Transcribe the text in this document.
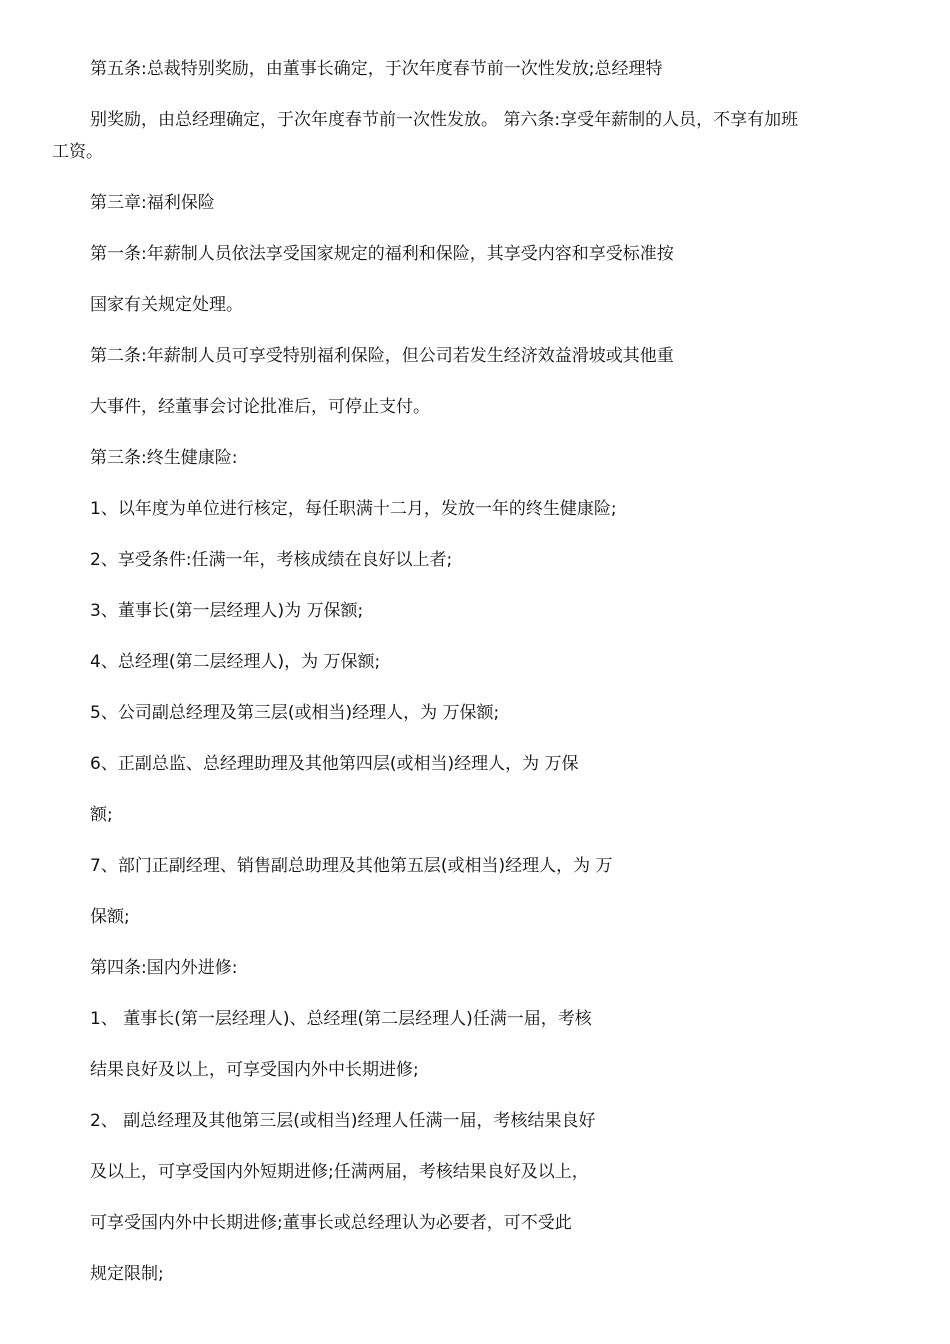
第五条:总裁特别奖励，由董事长确定，于次年度春节前一次性发放;总经理特
别奖励，由总经理确定，于次年度春节前一次性发放。 第六条:享受年薪制的人员，不享有加班
工资。
第三章:福利保险
第一条:年薪制人员依法享受国家规定的福利和保险，其享受内容和享受标准按
国家有关规定处理。
第二条:年薪制人员可享受特别福利保险，但公司若发生经济效益滑坡或其他重
大事件，经董事会讨论批准后，可停止支付。
第三条:终生健康险:
1、以年度为单位进行核定，每任职满十二月，发放一年的终生健康险;
2、享受条件:任满一年，考核成绩在良好以上者;
3、董事长(第一层经理人)为 万保额;
4、总经理(第二层经理人)，为 万保额;
5、公司副总经理及第三层(或相当)经理人，为 万保额;
6、正副总监、总经理助理及其他第四层(或相当)经理人，为 万保
额;
7、部门正副经理、销售副总助理及其他第五层(或相当)经理人，为 万
保额;
第四条:国内外进修:
1、 董事长(第一层经理人)、总经理(第二层经理人)任满一届，考核
结果良好及以上，可享受国内外中长期进修;
2、 副总经理及其他第三层(或相当)经理人任满一届，考核结果良好
及以上，可享受国内外短期进修;任满两届，考核结果良好及以上，
可享受国内外中长期进修;董事长或总经理认为必要者，可不受此
规定限制;
